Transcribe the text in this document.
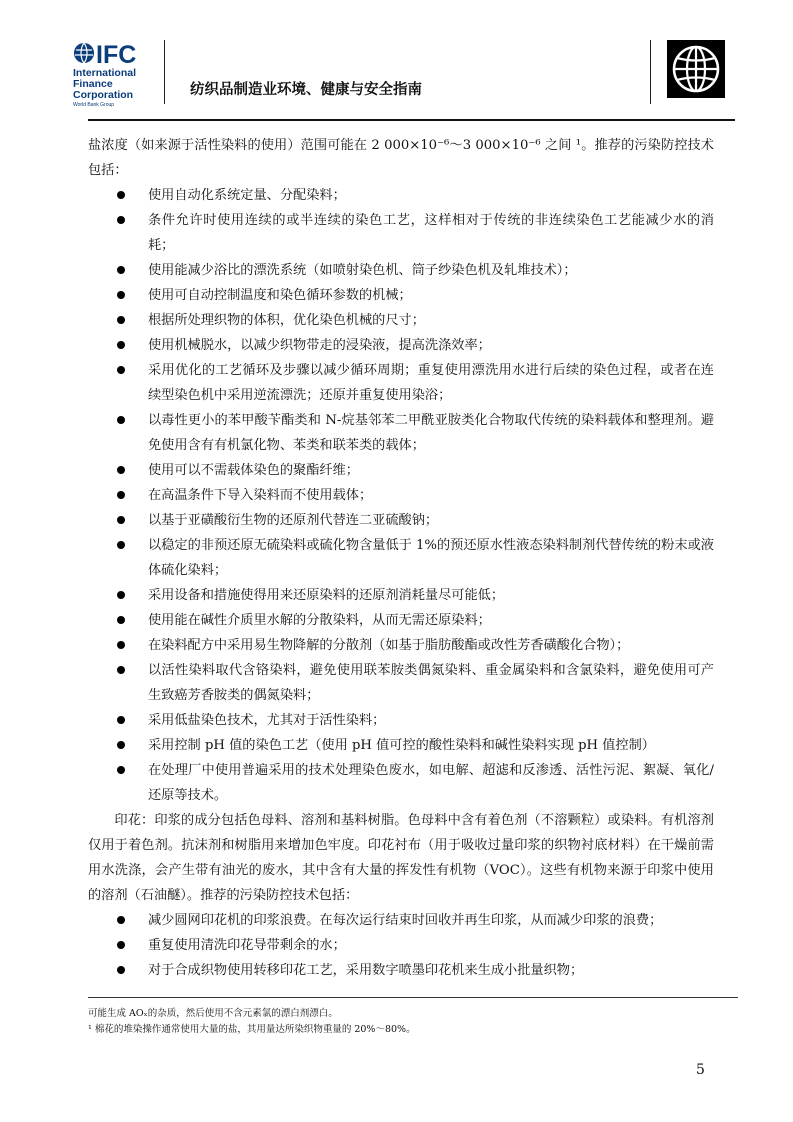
IFC
International
Finance
Corporation
World Bank Group
纺织品制造业环境、健康与安全指南

盐浓度（如来源于活性染料的使用）范围可能在 2 000×10⁻⁶～3 000×10⁻⁶ 之间 ¹。推荐的污染防控技术包括：

使用自动化系统定量、分配染料；
条件允许时使用连续的或半连续的染色工艺，这样相对于传统的非连续染色工艺能减少水的消耗；
使用能减少浴比的漂洗系统（如喷射染色机、筒子纱染色机及轧堆技术）；
使用可自动控制温度和染色循环参数的机械；
根据所处理织物的体积，优化染色机械的尺寸；
使用机械脱水，以减少织物带走的浸染液，提高洗涤效率；
采用优化的工艺循环及步骤以减少循环周期；重复使用漂洗用水进行后续的染色过程，或者在连续型染色机中采用逆流漂洗；还原并重复使用染浴；
以毒性更小的苯甲酸苄酯类和 N-烷基邻苯二甲酰亚胺类化合物取代传统的染料载体和整理剂。避免使用含有有机氯化物、苯类和联苯类的载体；
使用可以不需载体染色的聚酯纤维；
在高温条件下导入染料而不使用载体；
以基于亚磺酸衍生物的还原剂代替连二亚硫酸钠；
以稳定的非预还原无硫染料或硫化物含量低于 1%的预还原水性液态染料制剂代替传统的粉末或液体硫化染料；
采用设备和措施使得用来还原染料的还原剂消耗量尽可能低；
使用能在碱性介质里水解的分散染料，从而无需还原染料；
在染料配方中采用易生物降解的分散剂（如基于脂肪酸酯或改性芳香磺酸化合物）；
以活性染料取代含铬染料，避免使用联苯胺类偶氮染料、重金属染料和含氯染料，避免使用可产生致癌芳香胺类的偶氮染料；
采用低盐染色技术，尤其对于活性染料；
采用控制 pH 值的染色工艺（使用 pH 值可控的酸性染料和碱性染料实现 pH 值控制）
在处理厂中使用普遍采用的技术处理染色废水，如电解、超滤和反渗透、活性污泥、絮凝、氧化/还原等技术。

印花：印浆的成分包括色母料、溶剂和基料树脂。色母料中含有着色剂（不溶颗粒）或染料。有机溶剂仅用于着色剂。抗沫剂和树脂用来增加色牢度。印花衬布（用于吸收过量印浆的织物衬底材料）在干燥前需用水洗涤，会产生带有油光的废水，其中含有大量的挥发性有机物（VOC）。这些有机物来源于印浆中使用的溶剂（石油醚）。推荐的污染防控技术包括：

减少圆网印花机的印浆浪费。在每次运行结束时回收并再生印浆，从而减少印浆的浪费；
重复使用清洗印花导带剩余的水；
对于合成织物使用转移印花工艺，采用数字喷墨印花机来生成小批量织物；
可能生成 AOₓ的杂质，然后使用不含元素氯的漂白剂漂白。
¹ 棉花的堆染操作通常使用大量的盐，其用量达所染织物重量的 20%～80%。
5
